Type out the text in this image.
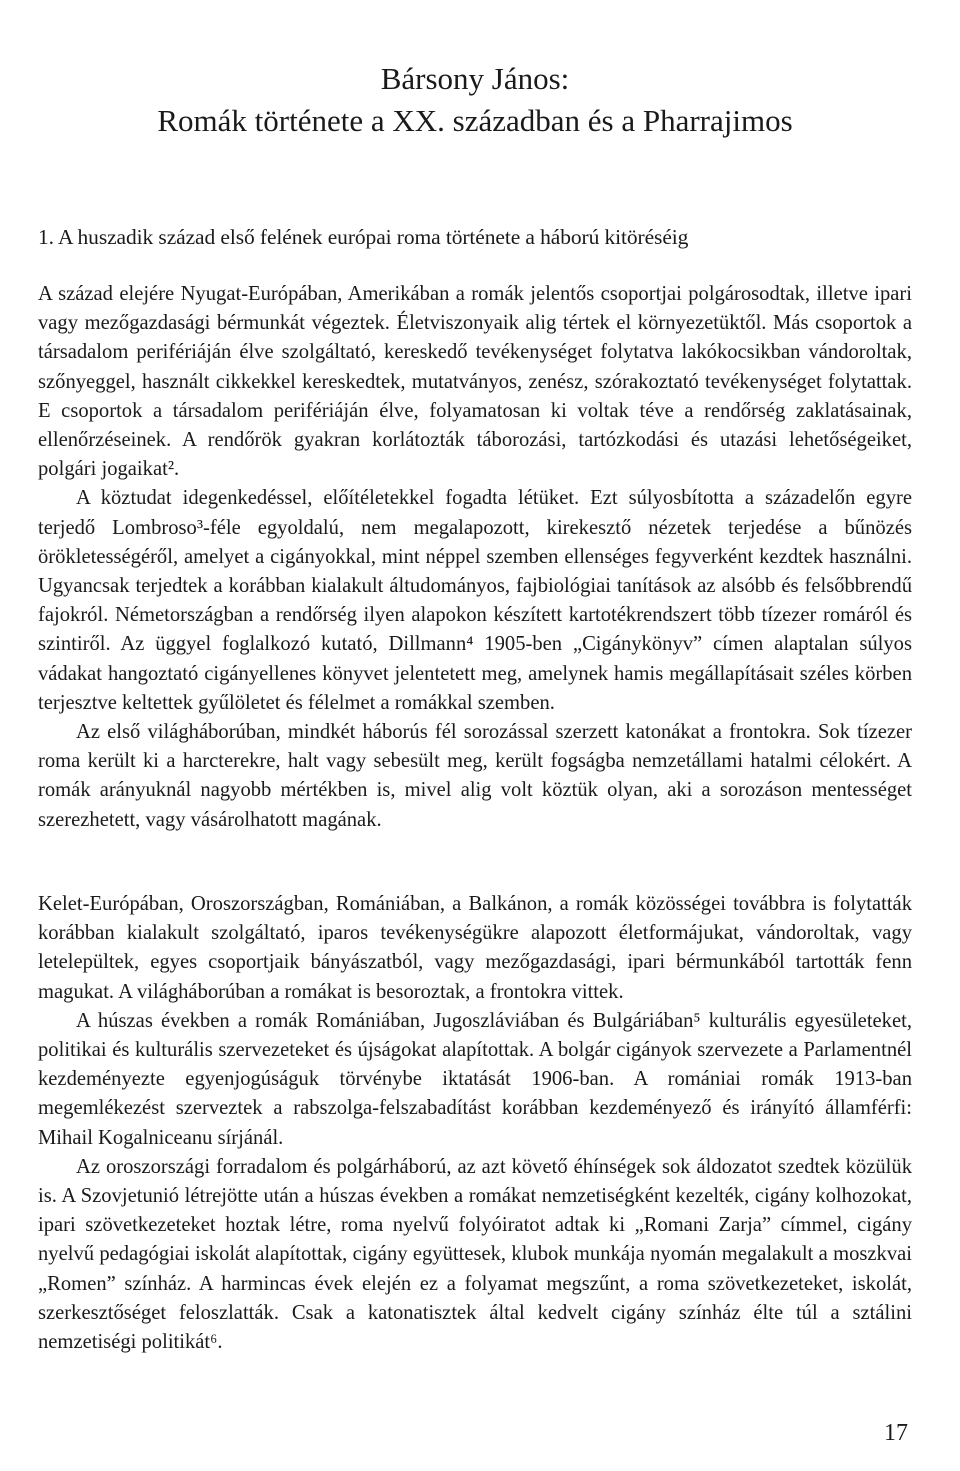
Bársony János:
Romák története a XX. században és a Pharrajimos
1. A huszadik század első felének európai roma története a háború kitöréséig

A század elejére Nyugat-Európában, Amerikában a romák jelentős csoportjai polgárosodtak, illetve ipari vagy mezőgazdasági bérmunkát végeztek. Életviszonyaik alig tértek el környezetüktől. Más csoportok a társadalom perifériáján élve szolgáltató, kereskedő tevékenységet folytatva lakókocsikban vándoroltak, szőnyeggel, használt cikkekkel kereskedtek, mutatványos, zenész, szórakoztató tevékenységet folytattak. E csoportok a társadalom perifériáján élve, folyamatosan ki voltak téve a rendőrség zaklatásainak, ellenőrzéseinek. A rendőrök gyakran korlátozták táborozási, tartózkodási és utazási lehetőségeiket, polgári jogaikat².

A köztudat idegenkedéssel, előítéletekkel fogadta létüket. Ezt súlyosbította a századelőn egyre terjedő Lombroso³-féle egyoldalú, nem megalapozott, kirekesztő nézetek terjedése a bűnözés örökletességéről, amelyet a cigányokkal, mint néppel szemben ellenséges fegyverként kezdtek használni. Ugyancsak terjedtek a korábban kialakult áltudományos, fajbiológiai tanítások az alsóbb és felsőbbrendű fajokról. Németországban a rendőrség ilyen alapokon készített kartotékrendszert több tízezer romáról és szintiről. Az üggyel foglalkozó kutató, Dillmann⁴ 1905-ben „Cigánykönyv” címen alaptalan súlyos vádakat hangoztató cigányellenes könyvet jelentetett meg, amelynek hamis megállapításait széles körben terjesztve keltettek gyűlöletet és félelmet a romákkal szemben.

Az első világháborúban, mindkét háborús fél sorozással szerzett katonákat a frontokra. Sok tízezer roma került ki a harcterekre, halt vagy sebesült meg, került fogságba nemzetállami hatalmi célokért. A romák arányuknál nagyobb mértékben is, mivel alig volt köztük olyan, aki a sorozáson mentességet szerezhetett, vagy vásárolhatott magának.

Kelet-Európában, Oroszországban, Romániában, a Balkánon, a romák közösségei továbbra is folytatták korábban kialakult szolgáltató, iparos tevékenységükre alapozott életformájukat, vándoroltak, vagy letelepültek, egyes csoportjaik bányászatból, vagy mezőgazdasági, ipari bérmunkából tartották fenn magukat. A világháborúban a romákat is besoroztak, a frontokra vittek.

A húszas években a romák Romániában, Jugoszláviában és Bulgáriában⁵ kulturális egyesületeket, politikai és kulturális szervezeteket és újságokat alapítottak. A bolgár cigányok szervezete a Parlamentnél kezdeményezte egyenjogúságuk törvénybe iktatását 1906-ban. A romániai romák 1913-ban megemlékezést szerveztek a rabszolga-felszabadítást korábban kezdeményező és irányító államférfi: Mihail Kogalniceanu sírjánál.

Az oroszországi forradalom és polgárháború, az azt követő éhínségek sok áldozatot szedtek közülük is. A Szovjetunió létrejötte után a húszas években a romákat nemzetiségként kezelték, cigány kolhozokat, ipari szövetkezeteket hoztak létre, roma nyelvű folyóiratot adtak ki „Romani Zarja” címmel, cigány nyelvű pedagógiai iskolát alapítottak, cigány együttesek, klubok munkája nyomán megalakult a moszkvai „Romen” színház. A harmincas évek elején ez a folyamat megszűnt, a roma szövetkezeteket, iskolát, szerkesztőséget feloszlatták. Csak a katonatisztek által kedvelt cigány színház élte túl a sztálini nemzetiségi politikát⁶.

17
